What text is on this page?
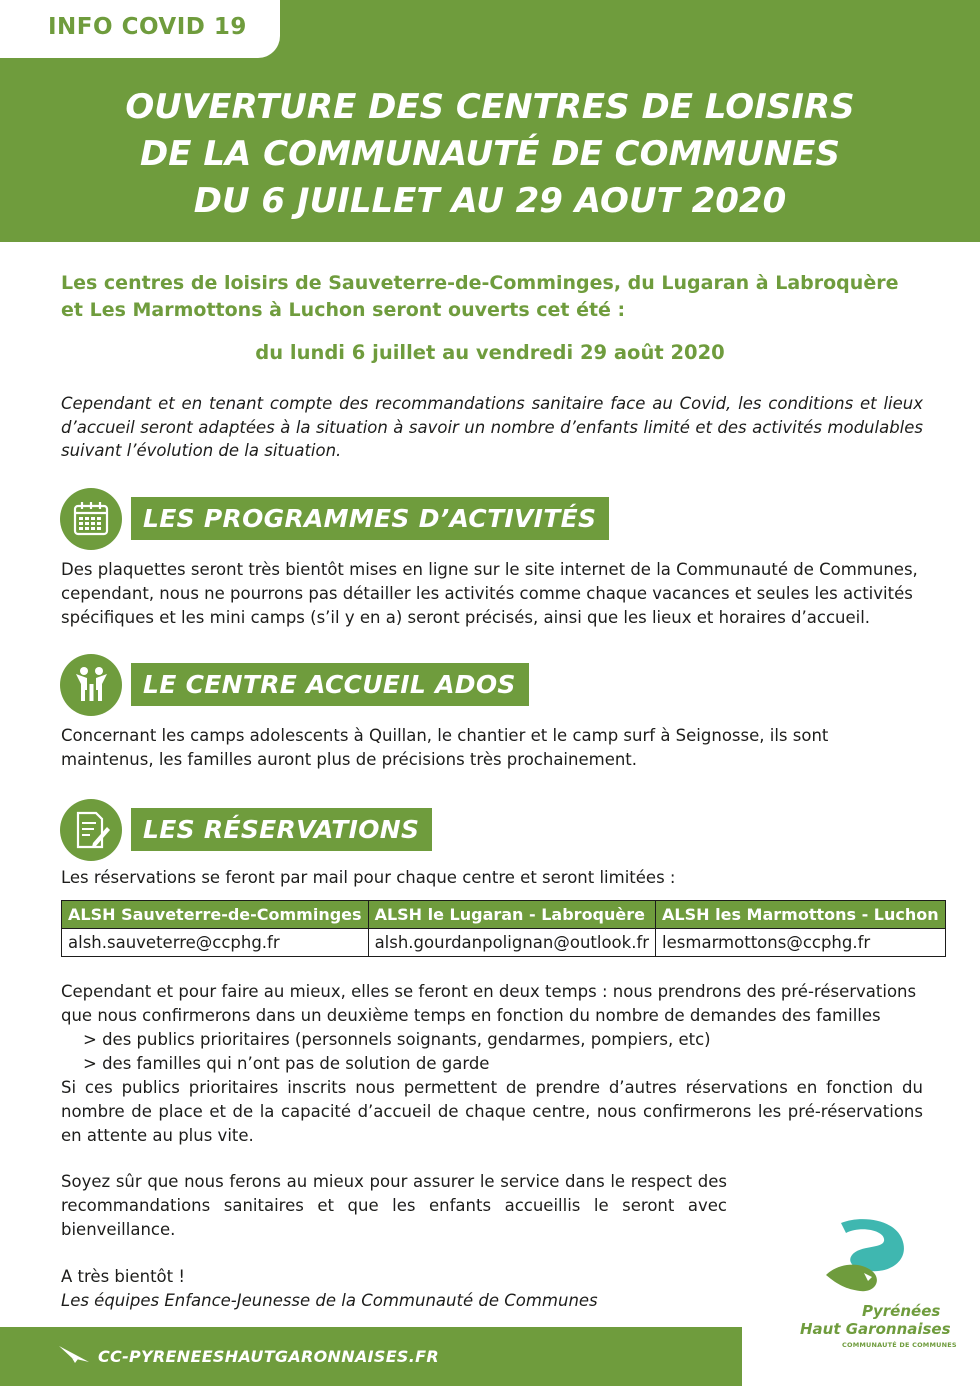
INFO COVID 19
OUVERTURE DES CENTRES DE LOISIRS
DE LA COMMUNAUTÉ DE COMMUNES
DU 6 JUILLET AU 29 AOUT 2020
Les centres de loisirs de Sauveterre-de-Comminges, du Lugaran à Labroquère et Les Marmottons à Luchon seront ouverts cet été :
du lundi 6 juillet au vendredi 29 août 2020
Cependant et en tenant compte des recommandations sanitaire face au Covid, les conditions et lieux d’accueil seront adaptées à la situation à savoir un nombre d’enfants limité et des activités modulables suivant l’évolution de la situation.
LES PROGRAMMES D’ACTIVITÉS
Des plaquettes seront très bientôt mises en ligne sur le site internet de la Communauté de Communes, cependant, nous ne pourrons pas détailler les activités comme chaque vacances et seules les activités spécifiques et les mini camps (s’il y en a) seront précisés, ainsi que les lieux et horaires d’accueil.
LE CENTRE ACCUEIL ADOS
Concernant les camps adolescents à Quillan, le chantier et le camp surf à Seignosse, ils sont maintenus, les familles auront plus de précisions très prochainement.
LES RÉSERVATIONS
Les réservations se feront par mail pour chaque centre et seront limitées :
ALSH Sauveterre-de-Comminges	ALSH le Lugaran - Labroquère	ALSH les Marmottons - Luchon
alsh.sauveterre@ccphg.fr	alsh.gourdanpolignan@outlook.fr	lesmarmottons@ccphg.fr
Cependant et pour faire au mieux, elles se feront en deux temps : nous prendrons des pré-réservations
que nous confirmerons dans un deuxième temps en fonction du nombre de demandes des familles
> des publics prioritaires (personnels soignants, gendarmes, pompiers, etc)
> des familles qui n’ont pas de solution de garde
Si ces publics prioritaires inscrits nous permettent de prendre d’autres réservations en fonction du nombre de place et de la capacité d’accueil de chaque centre, nous confirmerons les pré-réservations en attente au plus vite.
Soyez sûr que nous ferons au mieux pour assurer le service dans le respect des recommandations sanitaires et que les enfants accueillis le seront avec bienveillance.
A très bientôt !
Les équipes Enfance-Jeunesse de la Communauté de Communes
CC-PYRENEESHAUTGARONNAISES.FR
Pyrénées
Haut Garonnaises
COMMUNAUTÉ DE COMMUNES
